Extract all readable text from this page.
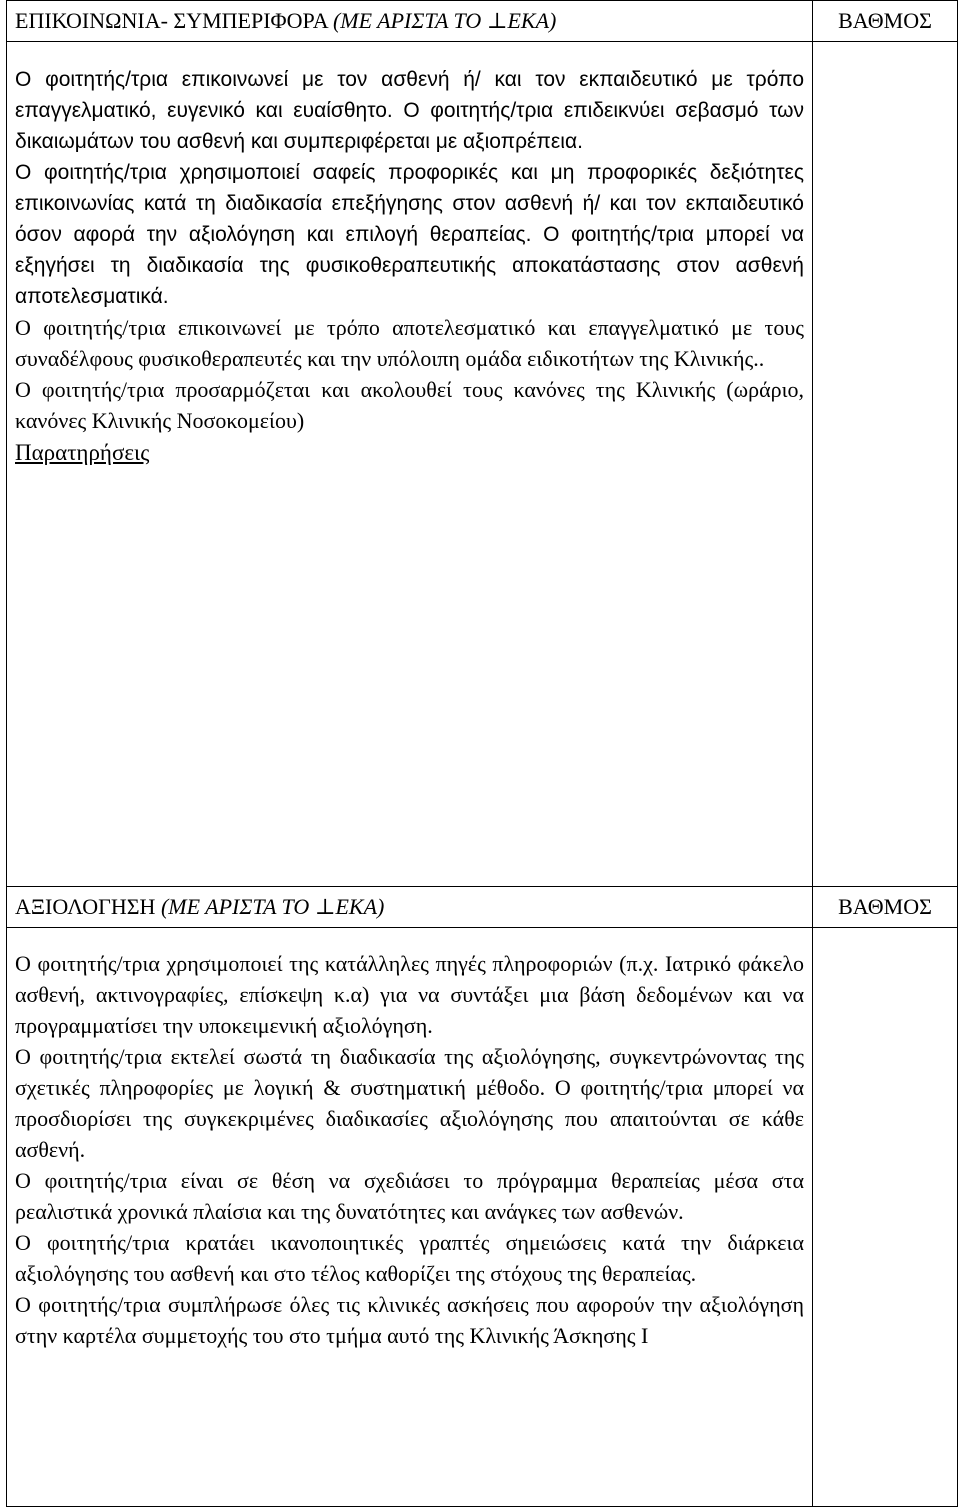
ΕΠΙΚΟΙΝΩΝΙΑ- ΣΥΜΠΕΡΙΦΟΡΑ (ΜΕ ΑΡΙΣΤΑ ΤΟ ⊥ΕΚΑ)	ΒΑΘΜΟΣ

Ο φοιτητής/τρια επικοινωνεί με τον ασθενή ή/ και τον εκπαιδευτικό με τρόπο επαγγελματικό, ευγενικό και ευαίσθητο. Ο φοιτητής/τρια επιδεικνύει σεβασμό των δικαιωμάτων του ασθενή και συμπεριφέρεται με αξιοπρέπεια.

Ο φοιτητής/τρια χρησιμοποιεί σαφείς προφορικές και μη προφορικές δεξιότητες επικοινωνίας κατά τη διαδικασία επεξήγησης στον ασθενή ή/ και τον εκπαιδευτικό όσον αφορά την αξιολόγηση και επιλογή θεραπείας. Ο φοιτητής/τρια μπορεί να εξηγήσει τη διαδικασία της φυσικοθεραπευτικής αποκατάστασης στον ασθενή αποτελεσματικά.

Ο φοιτητής/τρια επικοινωνεί με τρόπο αποτελεσματικό και επαγγελματικό με τους συναδέλφους φυσικοθεραπευτές και την υπόλοιπη ομάδα ειδικοτήτων της Κλινικής..

Ο φοιτητής/τρια προσαρμόζεται και ακολουθεί τους κανόνες της Κλινικής (ωράριο, κανόνες Κλινικής Νοσοκομείου)

Παρατηρήσεις	

ΑΞΙΟΛΟΓΗΣΗ (ΜΕ ΑΡΙΣΤΑ ΤΟ ⊥ΕΚΑ)	ΒΑΘΜΟΣ

Ο φοιτητής/τρια χρησιμοποιεί της κατάλληλες πηγές πληροφοριών (π.χ. Ιατρικό φάκελο ασθενή, ακτινογραφίες, επίσκεψη κ.α) για να συντάξει μια βάση δεδομένων και να προγραμματίσει την υποκειμενική αξιολόγηση.

Ο φοιτητής/τρια εκτελεί σωστά τη διαδικασία της αξιολόγησης, συγκεντρώνοντας της σχετικές πληροφορίες με λογική & συστηματική μέθοδο. Ο φοιτητής/τρια μπορεί να προσδιορίσει της συγκεκριμένες διαδικασίες αξιολόγησης που απαιτούνται σε κάθε ασθενή.

Ο φοιτητής/τρια είναι σε θέση να σχεδιάσει το πρόγραμμα θεραπείας μέσα στα ρεαλιστικά χρονικά πλαίσια και της δυνατότητες και ανάγκες των ασθενών.

Ο φοιτητής/τρια κρατάει ικανοποιητικές γραπτές σημειώσεις κατά την διάρκεια αξιολόγησης του ασθενή και στο τέλος καθορίζει της στόχους της θεραπείας.

Ο φοιτητής/τρια συμπλήρωσε όλες τις κλινικές ασκήσεις που αφορούν την αξιολόγηση στην καρτέλα συμμετοχής του στο τμήμα αυτό της Κλινικής Άσκησης Ι	
